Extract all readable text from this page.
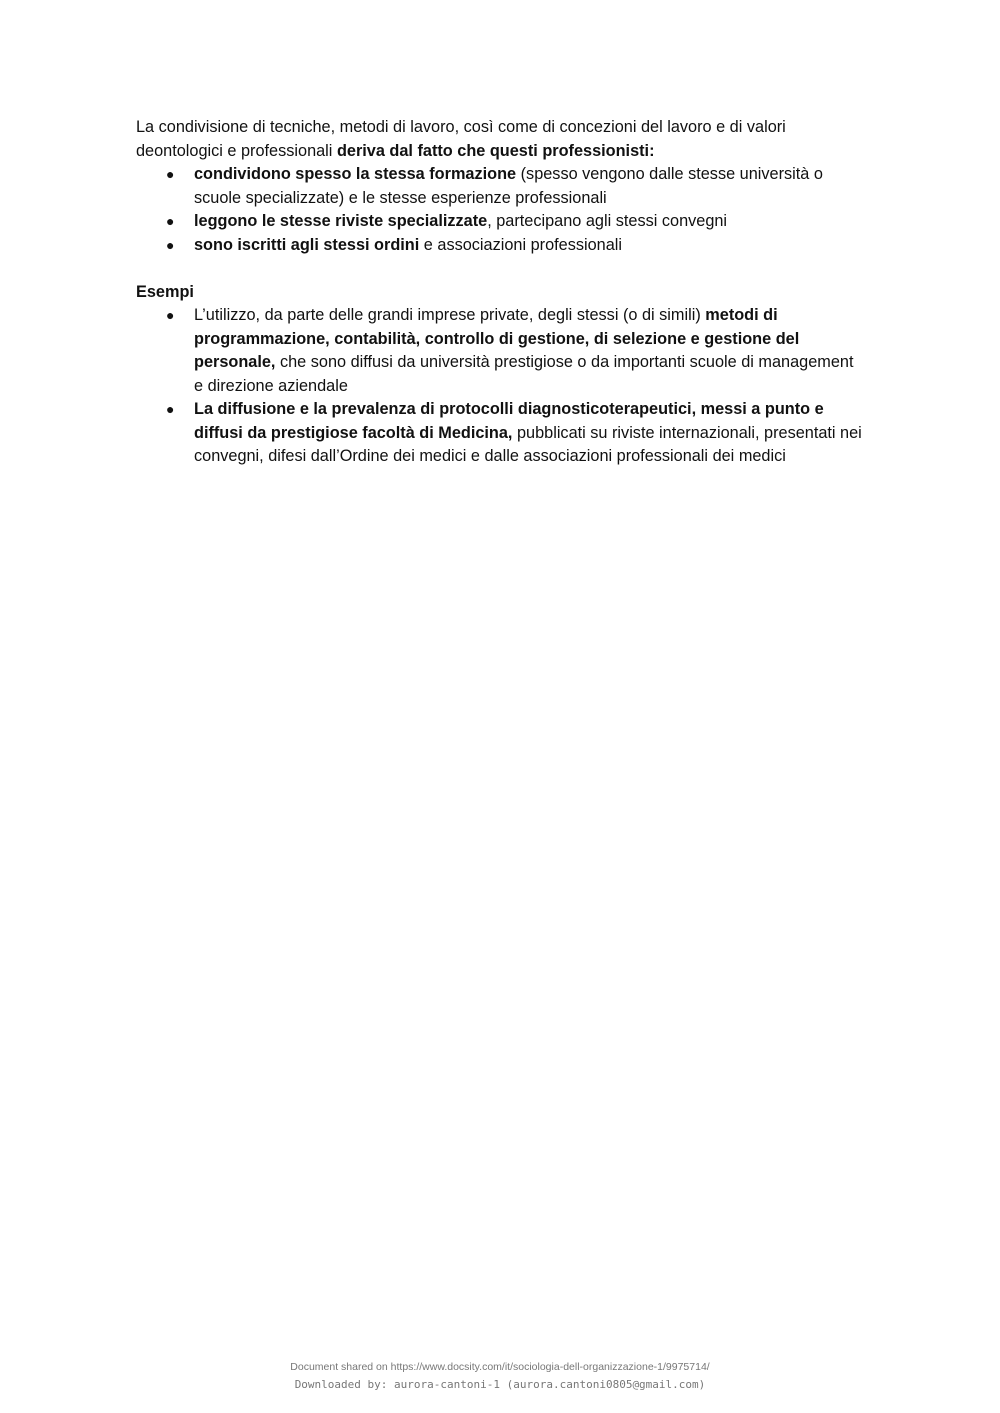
La condivisione di tecniche, metodi di lavoro, così come di concezioni del lavoro e di valori deontologici e professionali deriva dal fatto che questi professionisti:

● condividono spesso la stessa formazione (spesso vengono dalle stesse università o scuole specializzate) e le stesse esperienze professionali
● leggono le stesse riviste specializzate, partecipano agli stessi convegni
● sono iscritti agli stessi ordini e associazioni professionali

Esempi

● L’utilizzo, da parte delle grandi imprese private, degli stessi (o di simili) metodi di programmazione, contabilità, controllo di gestione, di selezione e gestione del personale, che sono diffusi da università prestigiose o da importanti scuole di management e direzione aziendale
● La diffusione e la prevalenza di protocolli diagnosticoterapeutici, messi a punto e diffusi da prestigiose facoltà di Medicina, pubblicati su riviste internazionali, presentati nei convegni, difesi dall’Ordine dei medici e dalle associazioni professionali dei medici
Document shared on https://www.docsity.com/it/sociologia-dell-organizzazione-1/9975714/
Downloaded by: aurora-cantoni-1 (aurora.cantoni0805@gmail.com)
